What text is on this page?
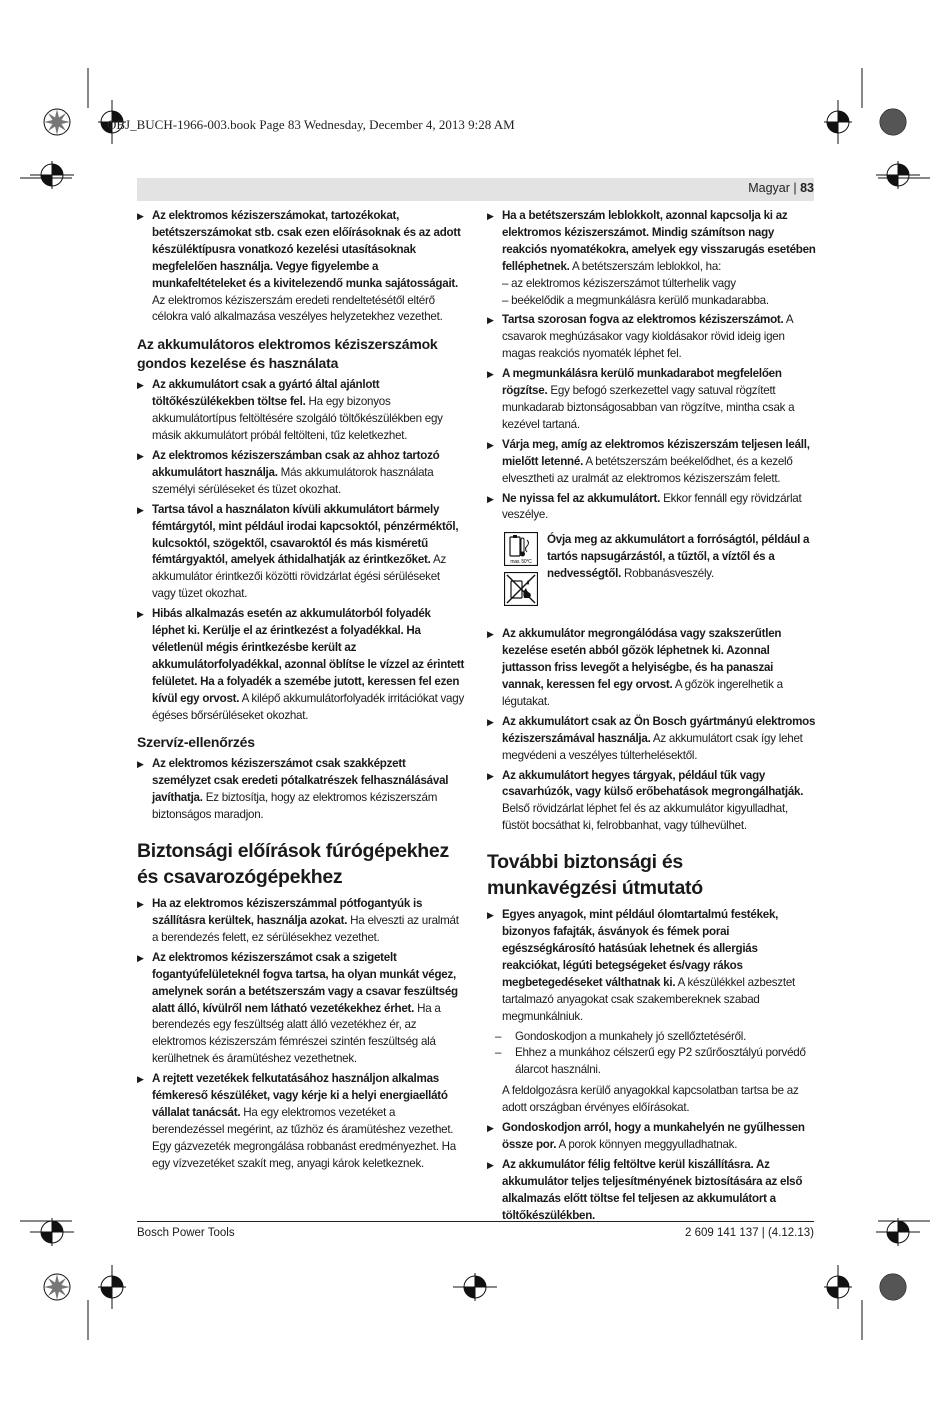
OBJ_BUCH-1966-003.book Page 83 Wednesday, December 4, 2013 9:28 AM
Magyar | 83
▶ Az elektromos kéziszerszámokat, tartozékokat, betétszerszámokat stb. csak ezen előírásoknak és az adott készüléktípusra vonatkozó kezelési utasításoknak megfelelően használja. Vegye figyelembe a munkafeltételeket és a kivitelezendő munka sajátosságait. Az elektromos kéziszerszám eredeti rendeltetésétől eltérő célokra való alkalmazása veszélyes helyzetekhez vezethet.
Az akkumulátoros elektromos kéziszerszámok gondos kezelése és használata
▶ Az akkumulátort csak a gyártó által ajánlott töltőkészülékekben töltse fel. Ha egy bizonyos akkumulátortípus feltöltésére szolgáló töltőkészülékben egy másik akkumulátort próbál feltölteni, tűz keletkezhet.
▶ Az elektromos kéziszerszámban csak az ahhoz tartozó akkumulátort használja. Más akkumulátorok használata személyi sérüléseket és tüzet okozhat.
▶ Tartsa távol a használaton kívüli akkumulátort bármely fémtárgytól, mint például irodai kapcsoktól, pénzérméktől, kulcsoktól, szögektől, csavaroktól és más kisméretű fémtárgyaktól, amelyek áthidalhatják az érintkezőket. Az akkumulátor érintkezői közötti rövidzárlat égési sérüléseket vagy tüzet okozhat.
▶ Hibás alkalmazás esetén az akkumulátorból folyadék léphet ki. Kerülje el az érintkezést a folyadékkal. Ha véletlenül mégis érintkezésbe került az akkumulátorfolyadékkal, azonnal öblítse le vízzel az érintett felületet. Ha a folyadék a szemébe jutott, keressen fel ezen kívül egy orvost. A kilépő akkumulátorfolyadék irritációkat vagy égéses bőrsérüléseket okozhat.
Szervíz-ellenőrzés
▶ Az elektromos kéziszerszámot csak szakképzett személyzet csak eredeti pótalkatrészek felhasználásával javíthatja. Ez biztosítja, hogy az elektromos kéziszerszám biztonságos maradjon.
Biztonsági előírások fúrógépekhez és csavarozógépekhez
▶ Ha az elektromos kéziszerszámmal pótfogantyúk is szállításra kerültek, használja azokat. Ha elveszti az uralmát a berendezés felett, ez sérülésekhez vezethet.
▶ Az elektromos kéziszerszámot csak a szigetelt fogantyúfelületeknél fogva tartsa, ha olyan munkát végez, amelynek során a betétszerszám vagy a csavar feszültség alatt álló, kívülről nem látható vezetékekhez érhet. Ha a berendezés egy feszültség alatt álló vezetékhez ér, az elektromos kéziszerszám fémrészei szintén feszültség alá kerülhetnek és áramütéshez vezethetnek.
▶ A rejtett vezetékek felkutatásához használjon alkalmas fémkereső készüléket, vagy kérje ki a helyi energiaellátó vállalat tanácsát. Ha egy elektromos vezetéket a berendezéssel megérint, az tűzhöz és áramütéshez vezethet. Egy gázvezeték megrongálása robbanást eredményezhet. Ha egy vízvezetéket szakít meg, anyagi károk keletkeznek.
▶ Ha a betétszerszám leblokkolt, azonnal kapcsolja ki az elektromos kéziszerszámot. Mindig számítson nagy reakciós nyomatékokra, amelyek egy visszarugás esetében felléphetnek. A betétszerszám leblokkol, ha:
– az elektromos kéziszerszámot túlterhelik vagy
– beékelődik a megmunkálásra kerülő munkadarabba.
▶ Tartsa szorosan fogva az elektromos kéziszerszámot. A csavarok meghúzásakor vagy kioldásakor rövid ideig igen magas reakciós nyomaték léphet fel.
▶ A megmunkálásra kerülő munkadarabot megfelelően rögzítse. Egy befogó szerkezettel vagy satuval rögzített munkadarab biztonságosabban van rögzítve, mintha csak a kezével tartaná.
▶ Várja meg, amíg az elektromos kéziszerszám teljesen leáll, mielőtt letenné. A betétszerszám beékelődhet, és a kezelő elvesztheti az uralmát az elektromos kéziszerszám felett.
▶ Ne nyissa fel az akkumulátort. Ekkor fennáll egy rövidzárlat veszélye.
max. 50°C
Óvja meg az akkumulátort a forróságtól, például a tartós napsugárzástól, a tűztől, a víztől és a nedvességtől. Robbanásveszély.
▶ Az akkumulátor megrongálódása vagy szakszerűtlen kezelése esetén abból gőzök léphetnek ki. Azonnal juttasson friss levegőt a helyiségbe, és ha panaszai vannak, keressen fel egy orvost. A gőzök ingerelhetik a légutakat.
▶ Az akkumulátort csak az Ön Bosch gyártmányú elektromos kéziszerszámával használja. Az akkumulátort csak így lehet megvédeni a veszélyes túlterhelésektől.
▶ Az akkumulátort hegyes tárgyak, például tűk vagy csavarhúzók, vagy külső erőbehatások megrongálhatják. Belső rövidzárlat léphet fel és az akkumulátor kigyulladhat, füstöt bocsáthat ki, felrobbanhat, vagy túlhevülhet.
További biztonsági és munkavégzési útmutató
▶ Egyes anyagok, mint például ólomtartalmú festékek, bizonyos fafajták, ásványok és fémek porai egészségkárosító hatásúak lehetnek és allergiás reakciókat, légúti betegségeket és/vagy rákos megbetegedéseket válthatnak ki. A készülékkel azbesztet tartalmazó anyagokat csak szakembereknek szabad megmunkálniuk.
– Gondoskodjon a munkahely jó szellőztetéséről.
– Ehhez a munkához célszerű egy P2 szűrőosztályú porvédő álarcot használni.
A feldolgozásra kerülő anyagokkal kapcsolatban tartsa be az adott országban érvényes előírásokat.
▶ Gondoskodjon arról, hogy a munkahelyén ne gyűlhessen össze por. A porok könnyen meggyulladhatnak.
▶ Az akkumulátor félig feltöltve kerül kiszállításra. Az akkumulátor teljes teljesítményének biztosítására az első alkalmazás előtt töltse fel teljesen az akkumulátort a töltőkészülékben.
Bosch Power Tools	2 609 141 137 | (4.12.13)
